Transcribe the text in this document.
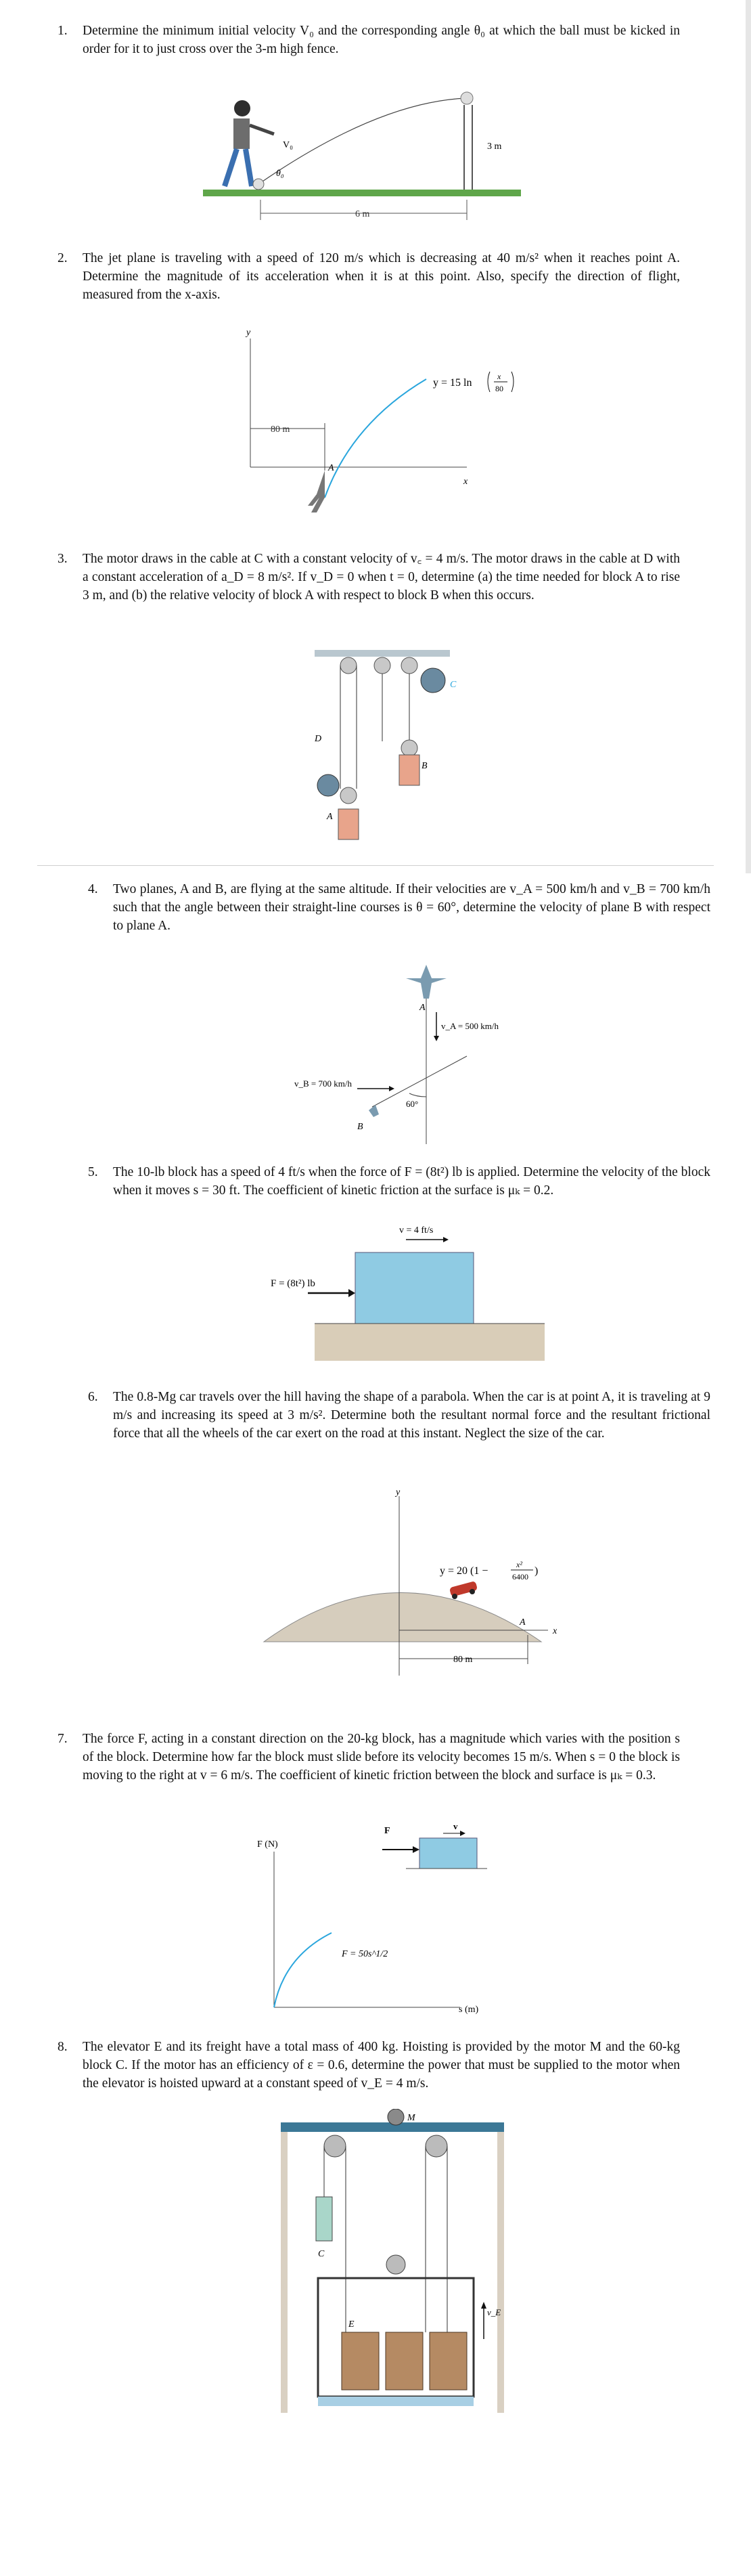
1.	Determine the minimum initial velocity V₀ and the corresponding angle θ₀ at which the ball must be kicked in order for it to just cross over the 3-m high fence.
V₀
θ₀
3 m
6 m
2.	The jet plane is traveling with a speed of 120 m/s which is decreasing at 40 m/s² when it reaches point A. Determine the magnitude of its acceleration when it is at this point. Also, specify the direction of flight, measured from the x-axis.
y
x
80 m
A
y = 15 ln
x
80
3.	The motor draws in the cable at C with a constant velocity of v꜀ = 4 m/s. The motor draws in the cable at D with a constant acceleration of a_D = 8 m/s². If v_D = 0 when t = 0, determine (a) the time needed for block A to rise 3 m, and (b) the relative velocity of block A with respect to block B when this occurs.
C
D
B
A
4.	Two planes, A and B, are flying at the same altitude. If their velocities are v_A = 500 km/h and v_B = 700 km/h such that the angle between their straight-line courses is θ = 60°, determine the velocity of plane B with respect to plane A.
A
v_A = 500 km/h
B
v_B = 700 km/h
60°
5.	The 10-lb block has a speed of 4 ft/s when the force of F = (8t²) lb is applied. Determine the velocity of the block when it moves s = 30 ft. The coefficient of kinetic friction at the surface is μₖ = 0.2.
v = 4 ft/s
F = (8t²) lb
6.	The 0.8-Mg car travels over the hill having the shape of a parabola. When the car is at point A, it is traveling at 9 m/s and increasing its speed at 3 m/s². Determine both the resultant normal force and the resultant frictional force that all the wheels of the car exert on the road at this instant. Neglect the size of the car.
y
x
A
y = 20 (1 −
x²
6400 )
80 m
7.	The force F, acting in a constant direction on the 20-kg block, has a magnitude which varies with the position s of the block. Determine how far the block must slide before its velocity becomes 15 m/s. When s = 0 the block is moving to the right at v = 6 m/s. The coefficient of kinetic friction between the block and surface is μₖ = 0.3.
F (N)
s (m)
F = 50s^1/2
F	v
8.	The elevator E and its freight have a total mass of 400 kg. Hoisting is provided by the motor M and the 60-kg block C. If the motor has an efficiency of ε = 0.6, determine the power that must be supplied to the motor when the elevator is hoisted upward at a constant speed of v_E = 4 m/s.
M
C
E
v_E
